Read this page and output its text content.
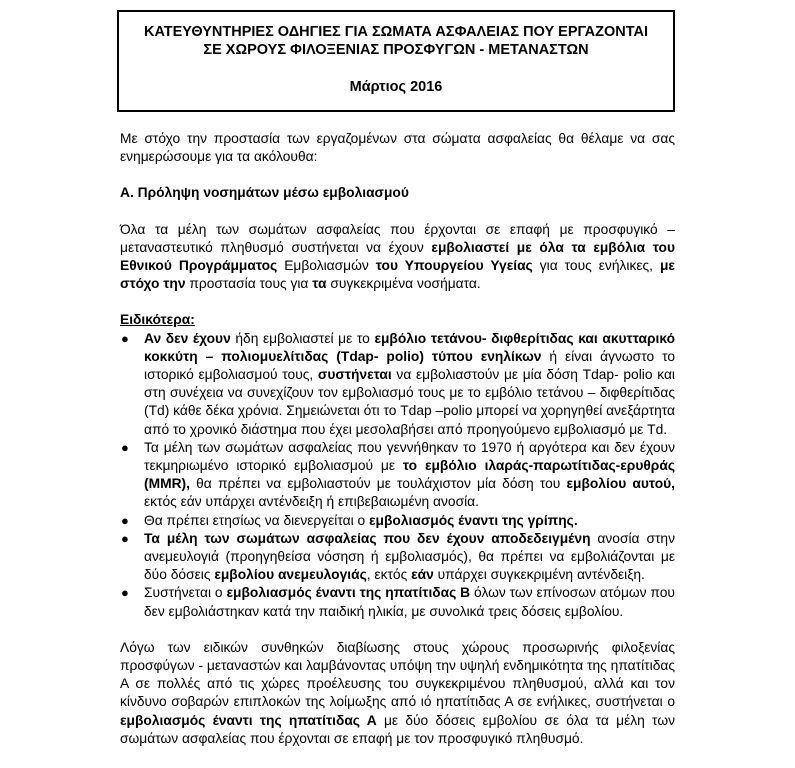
ΚΑΤΕΥΘΥΝΤΗΡΙΕΣ ΟΔΗΓΙΕΣ ΓΙΑ ΣΩΜΑΤΑ ΑΣΦΑΛΕΙΑΣ ΠΟΥ ΕΡΓΑΖΟΝΤΑΙ
ΣΕ ΧΩΡΟΥΣ ΦΙΛΟΞΕΝΙΑΣ ΠΡΟΣΦΥΓΩΝ - ΜΕΤΑΝΑΣΤΩΝ
Μάρτιος 2016

Με στόχο την προστασία των εργαζομένων στα σώματα ασφαλείας θα θέλαμε να σας ενημερώσουμε για τα ακόλουθα:

Α. Πρόληψη νοσημάτων μέσω εμβολιασμού

Όλα τα μέλη των σωμάτων ασφαλείας που έρχονται σε επαφή με προσφυγικό – μεταναστευτικό πληθυσμό συστήνεται να έχουν εμβολιαστεί με όλα τα εμβόλια του Εθνικού Προγράμματος Εμβολιασμών του Υπουργείου Υγείας για τους ενήλικες, με στόχο την προστασία τους για τα συγκεκριμένα νοσήματα.

Ειδικότερα:

● Αν δεν έχουν ήδη εμβολιαστεί με το εμβόλιο τετάνου- διφθερίτιδας και ακυτταρικό κοκκύτη – πολιομυελίτιδας (Tdap- polio) τύπου ενηλίκων ή είναι άγνωστο το ιστορικό εμβολιασμού τους, συστήνεται να εμβολιαστούν με μία δόση Tdap- polio και στη συνέχεια να συνεχίζουν τον εμβολιασμό τους με το εμβόλιο τετάνου – διφθερίτιδας (Td) κάθε δέκα χρόνια. Σημειώνεται ότι το Tdap –polio μπορεί να χορηγηθεί ανεξάρτητα από το χρονικό διάστημα που έχει μεσολαβήσει από προηγούμενο εμβολιασμό με Td.
● Τα μέλη των σωμάτων ασφαλείας που γεννήθηκαν το 1970 ή αργότερα και δεν έχουν τεκμηριωμένο ιστορικό εμβολιασμού με το εμβόλιο ιλαράς-παρωτίτιδας-ερυθράς (MMR), θα πρέπει να εμβολιαστούν με τουλάχιστον μία δόση του εμβολίου αυτού, εκτός εάν υπάρχει αντένδειξη ή επιβεβαιωμένη ανοσία.
● Θα πρέπει ετησίως να διενεργείται ο εμβολιασμός έναντι της γρίπης.
● Τα μέλη των σωμάτων ασφαλείας που δεν έχουν αποδεδειγμένη ανοσία στην ανεμευλογιά (προηγηθείσα νόσηση ή εμβολιασμός), θα πρέπει να εμβολιάζονται με δύο δόσεις εμβολίου ανεμευλογιάς, εκτός εάν υπάρχει συγκεκριμένη αντένδειξη.
● Συστήνεται ο εμβολιασμός έναντι της ηπατίτιδας Β όλων των επίνοσων ατόμων που δεν εμβολιάστηκαν κατά την παιδική ηλικία, με συνολικά τρεις δόσεις εμβολίου.

Λόγω των ειδικών συνθηκών διαβίωσης στους χώρους προσωρινής φιλοξενίας προσφύγων - μεταναστών και λαμβάνοντας υπόψη την υψηλή ενδημικότητα της ηπατίτιδας Α σε πολλές από τις χώρες προέλευσης του συγκεκριμένου πληθυσμού, αλλά και τον κίνδυνο σοβαρών επιπλοκών της λοίμωξης από ιό ηπατίτιδας Α σε ενήλικες, συστήνεται ο εμβολιασμός έναντι της ηπατίτιδας Α με δύο δόσεις εμβολίου σε όλα τα μέλη των σωμάτων ασφαλείας που έρχονται σε επαφή με τον προσφυγικό πληθυσμό.
